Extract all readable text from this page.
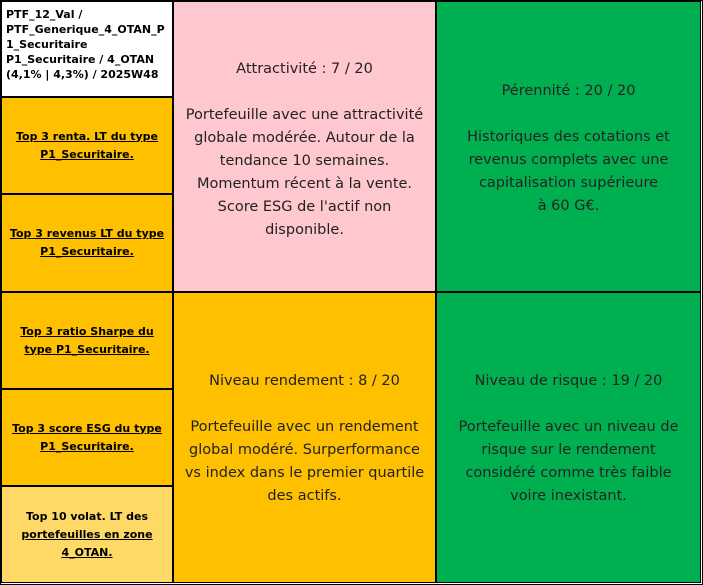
PTF_12_Val /
PTF_Generique_4_OTAN_P
1_Securitaire
P1_Securitaire / 4_OTAN
(4,1% | 4,3%) / 2025W48
Top 3 renta. LT du type
P1_Securitaire.
Top 3 revenus LT du type
P1_Securitaire.
Top 3 ratio Sharpe du
type P1_Securitaire.
Top 3 score ESG du type
P1_Securitaire.
Top 10 volat. LT des
portefeuilles en zone
4_OTAN.
Attractivité : 7 / 20
Portefeuille avec une attractivité
globale modérée. Autour de la
tendance 10 semaines.
Momentum récent à la vente.
Score ESG de l'actif non
disponible.
Pérennité : 20 / 20
Historiques des cotations et
revenus complets avec une
capitalisation supérieure
à 60 G€.
Niveau rendement : 8 / 20
Portefeuille avec un rendement
global modéré. Surperformance
vs index dans le premier quartile
des actifs.
Niveau de risque : 19 / 20
Portefeuille avec un niveau de
risque sur le rendement
considéré comme très faible
voire inexistant.
